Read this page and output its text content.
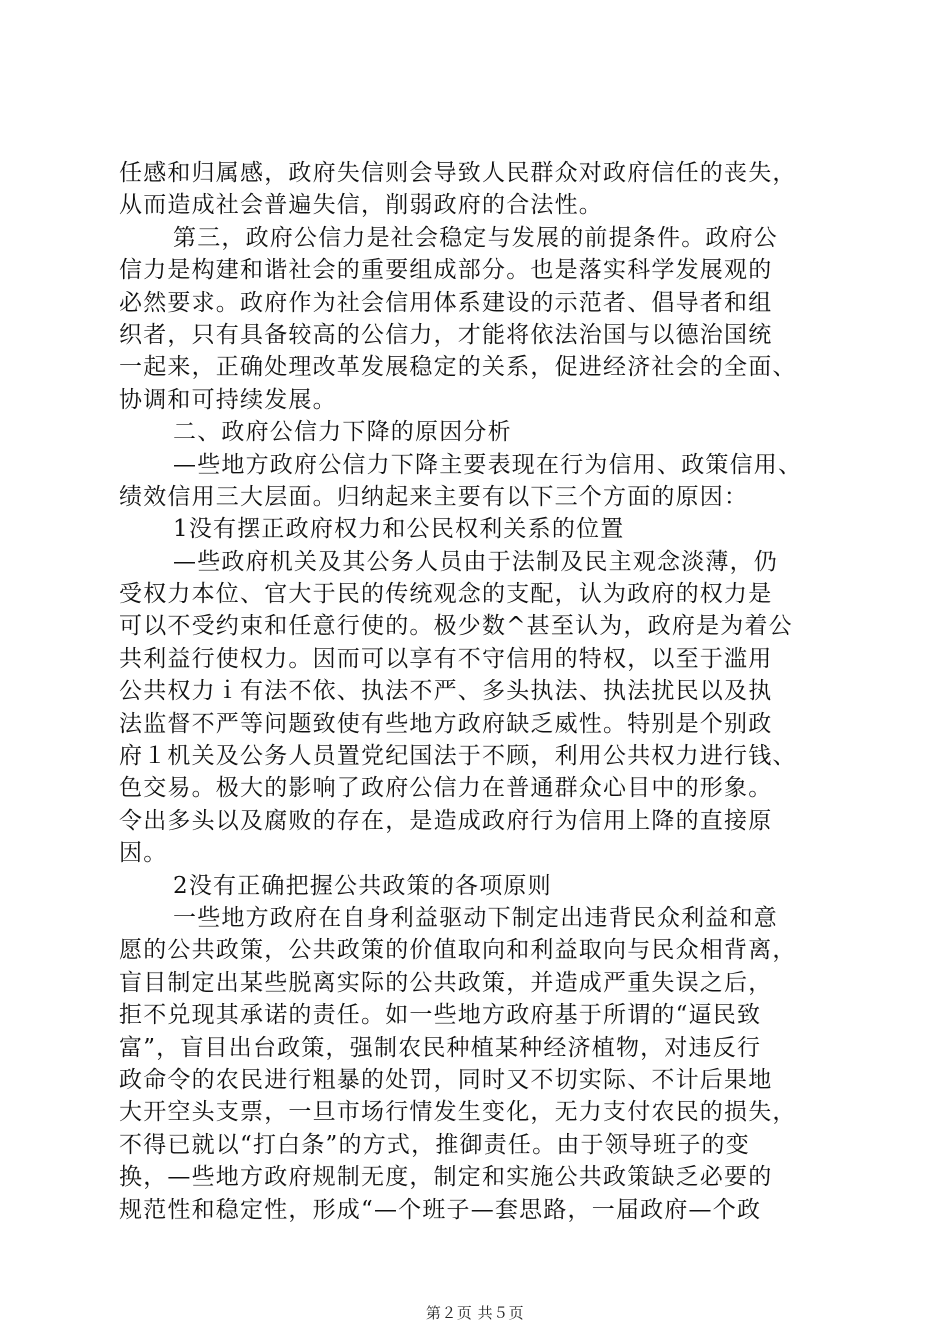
任感和归属感，政府失信则会导致人民群众对政府信任的丧失，
从而造成社会普遍失信，削弱政府的合法性。
第三，政府公信力是社会稳定与发展的前提条件。政府公
信力是构建和谐社会的重要组成部分。也是落实科学发展观的
必然要求。政府作为社会信用体系建设的示范者、倡导者和组
织者，只有具备较高的公信力，才能将依法治国与以德治国统
一起来，正确处理改革发展稳定的关系，促进经济社会的全面、
协调和可持续发展。
二、政府公信力下降的原因分析
—些地方政府公信力下降主要表现在行为信用、政策信用、
绩效信用三大层面。归纳起来主要有以下三个方面的原因：
1没有摆正政府权力和公民权利关系的位置
—些政府机关及其公务人员由于法制及民主观念淡薄，仍
受权力本位、官大于民的传统观念的支配，认为政府的权力是
可以不受约束和任意行使的。极少数^甚至认为，政府是为着公
共利益行使权力。因而可以享有不守信用的特权，以至于滥用
公共权力ｉ有法不依、执法不严、多头执法、执法扰民以及执
法监督不严等问题致使有些地方政府缺乏威性。特别是个别政
府１机关及公务人员置党纪国法于不顾，利用公共权力进行钱、
色交易。极大的影响了政府公信力在普通群众心目中的形象。
令出多头以及腐败的存在，是造成政府行为信用上降的直接原
因。
2没有正确把握公共政策的各项原则
一些地方政府在自身利益驱动下制定出违背民众利益和意
愿的公共政策，公共政策的价值取向和利益取向与民众相背离，
盲目制定出某些脱离实际的公共政策，并造成严重失误之后，
拒不兑现其承诺的责任。如一些地方政府基于所谓的“逼民致
富”，盲目出台政策，强制农民种植某种经济植物，对违反行
政命令的农民进行粗暴的处罚，同时又不切实际、不计后果地
大开空头支票，一旦市场行情发生变化，无力支付农民的损失，
不得已就以“打白条”的方式，推御责任。由于领导班子的变
换，—些地方政府规制无度，制定和实施公共政策缺乏必要的
规范性和稳定性，形成“—个班子—套思路，一届政府—个政
第２页 共５页
